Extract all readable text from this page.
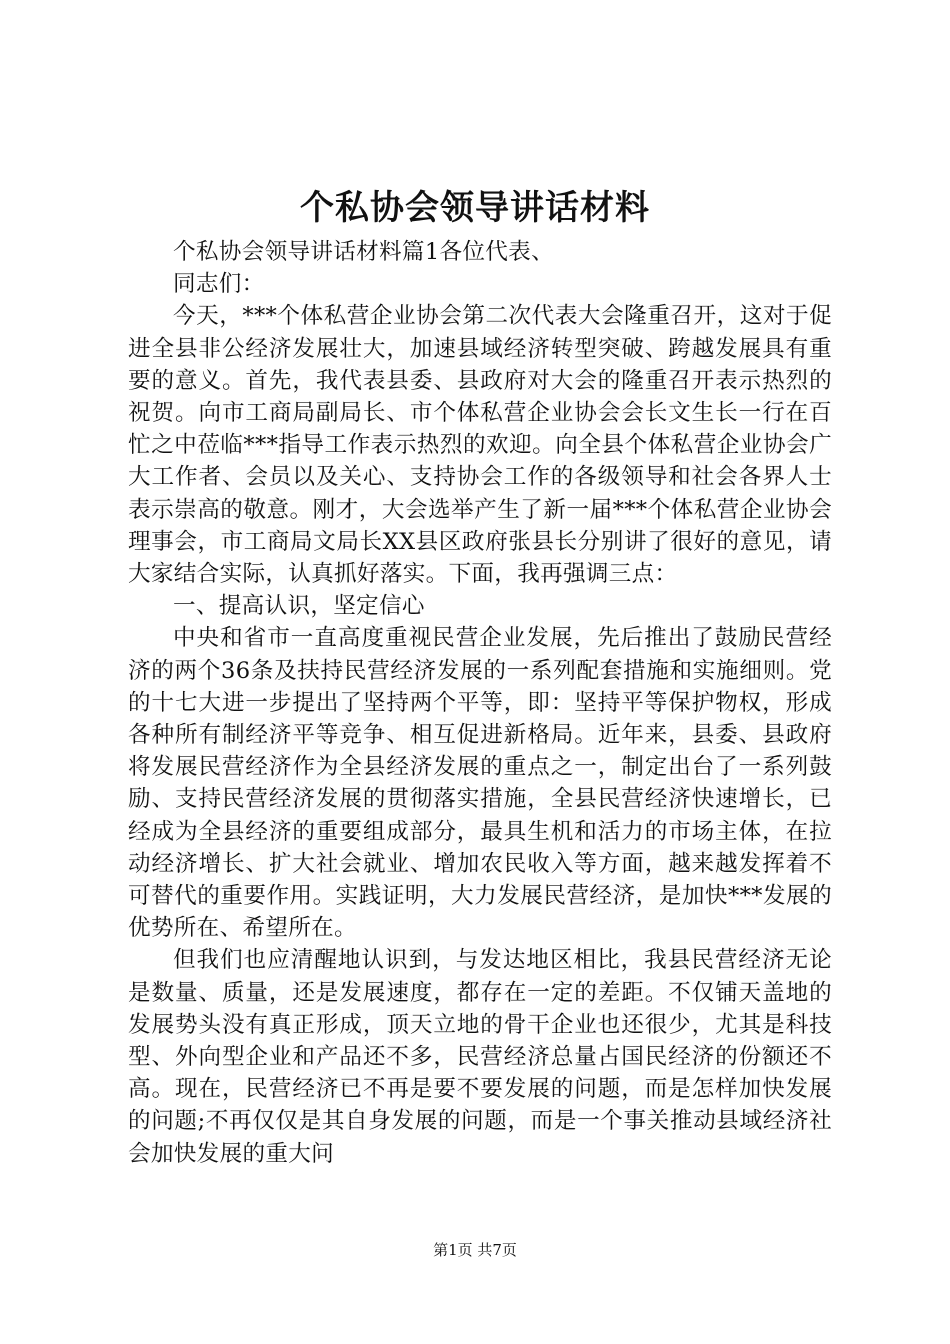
个私协会领导讲话材料

个私协会领导讲话材料篇1各位代表、

同志们：

今天，***个体私营企业协会第二次代表大会隆重召开，这对于促进全县非公经济发展壮大，加速县域经济转型突破、跨越发展具有重要的意义。首先，我代表县委、县政府对大会的隆重召开表示热烈的祝贺。向市工商局副局长、市个体私营企业协会会长文生长一行在百忙之中莅临***指导工作表示热烈的欢迎。向全县个体私营企业协会广大工作者、会员以及关心、支持协会工作的各级领导和社会各界人士表示崇高的敬意。刚才，大会选举产生了新一届***个体私营企业协会理事会，市工商局文局长XX县区政府张县长分别讲了很好的意见，请大家结合实际，认真抓好落实。下面，我再强调三点：

一、提高认识，坚定信心

中央和省市一直高度重视民营企业发展，先后推出了鼓励民营经济的两个36条及扶持民营经济发展的一系列配套措施和实施细则。党的十七大进一步提出了坚持两个平等，即：坚持平等保护物权，形成各种所有制经济平等竞争、相互促进新格局。近年来，县委、县政府将发展民营经济作为全县经济发展的重点之一，制定出台了一系列鼓励、支持民营经济发展的贯彻落实措施，全县民营经济快速增长，已经成为全县经济的重要组成部分，最具生机和活力的市场主体，在拉动经济增长、扩大社会就业、增加农民收入等方面，越来越发挥着不可替代的重要作用。实践证明，大力发展民营经济，是加快***发展的优势所在、希望所在。

但我们也应清醒地认识到，与发达地区相比，我县民营经济无论是数量、质量，还是发展速度，都存在一定的差距。不仅铺天盖地的发展势头没有真正形成，顶天立地的骨干企业也还很少，尤其是科技型、外向型企业和产品还不多，民营经济总量占国民经济的份额还不高。现在，民营经济已不再是要不要发展的问题，而是怎样加快发展的问题;不再仅仅是其自身发展的问题，而是一个事关推动县域经济社会加快发展的重大问

第1页 共7页
